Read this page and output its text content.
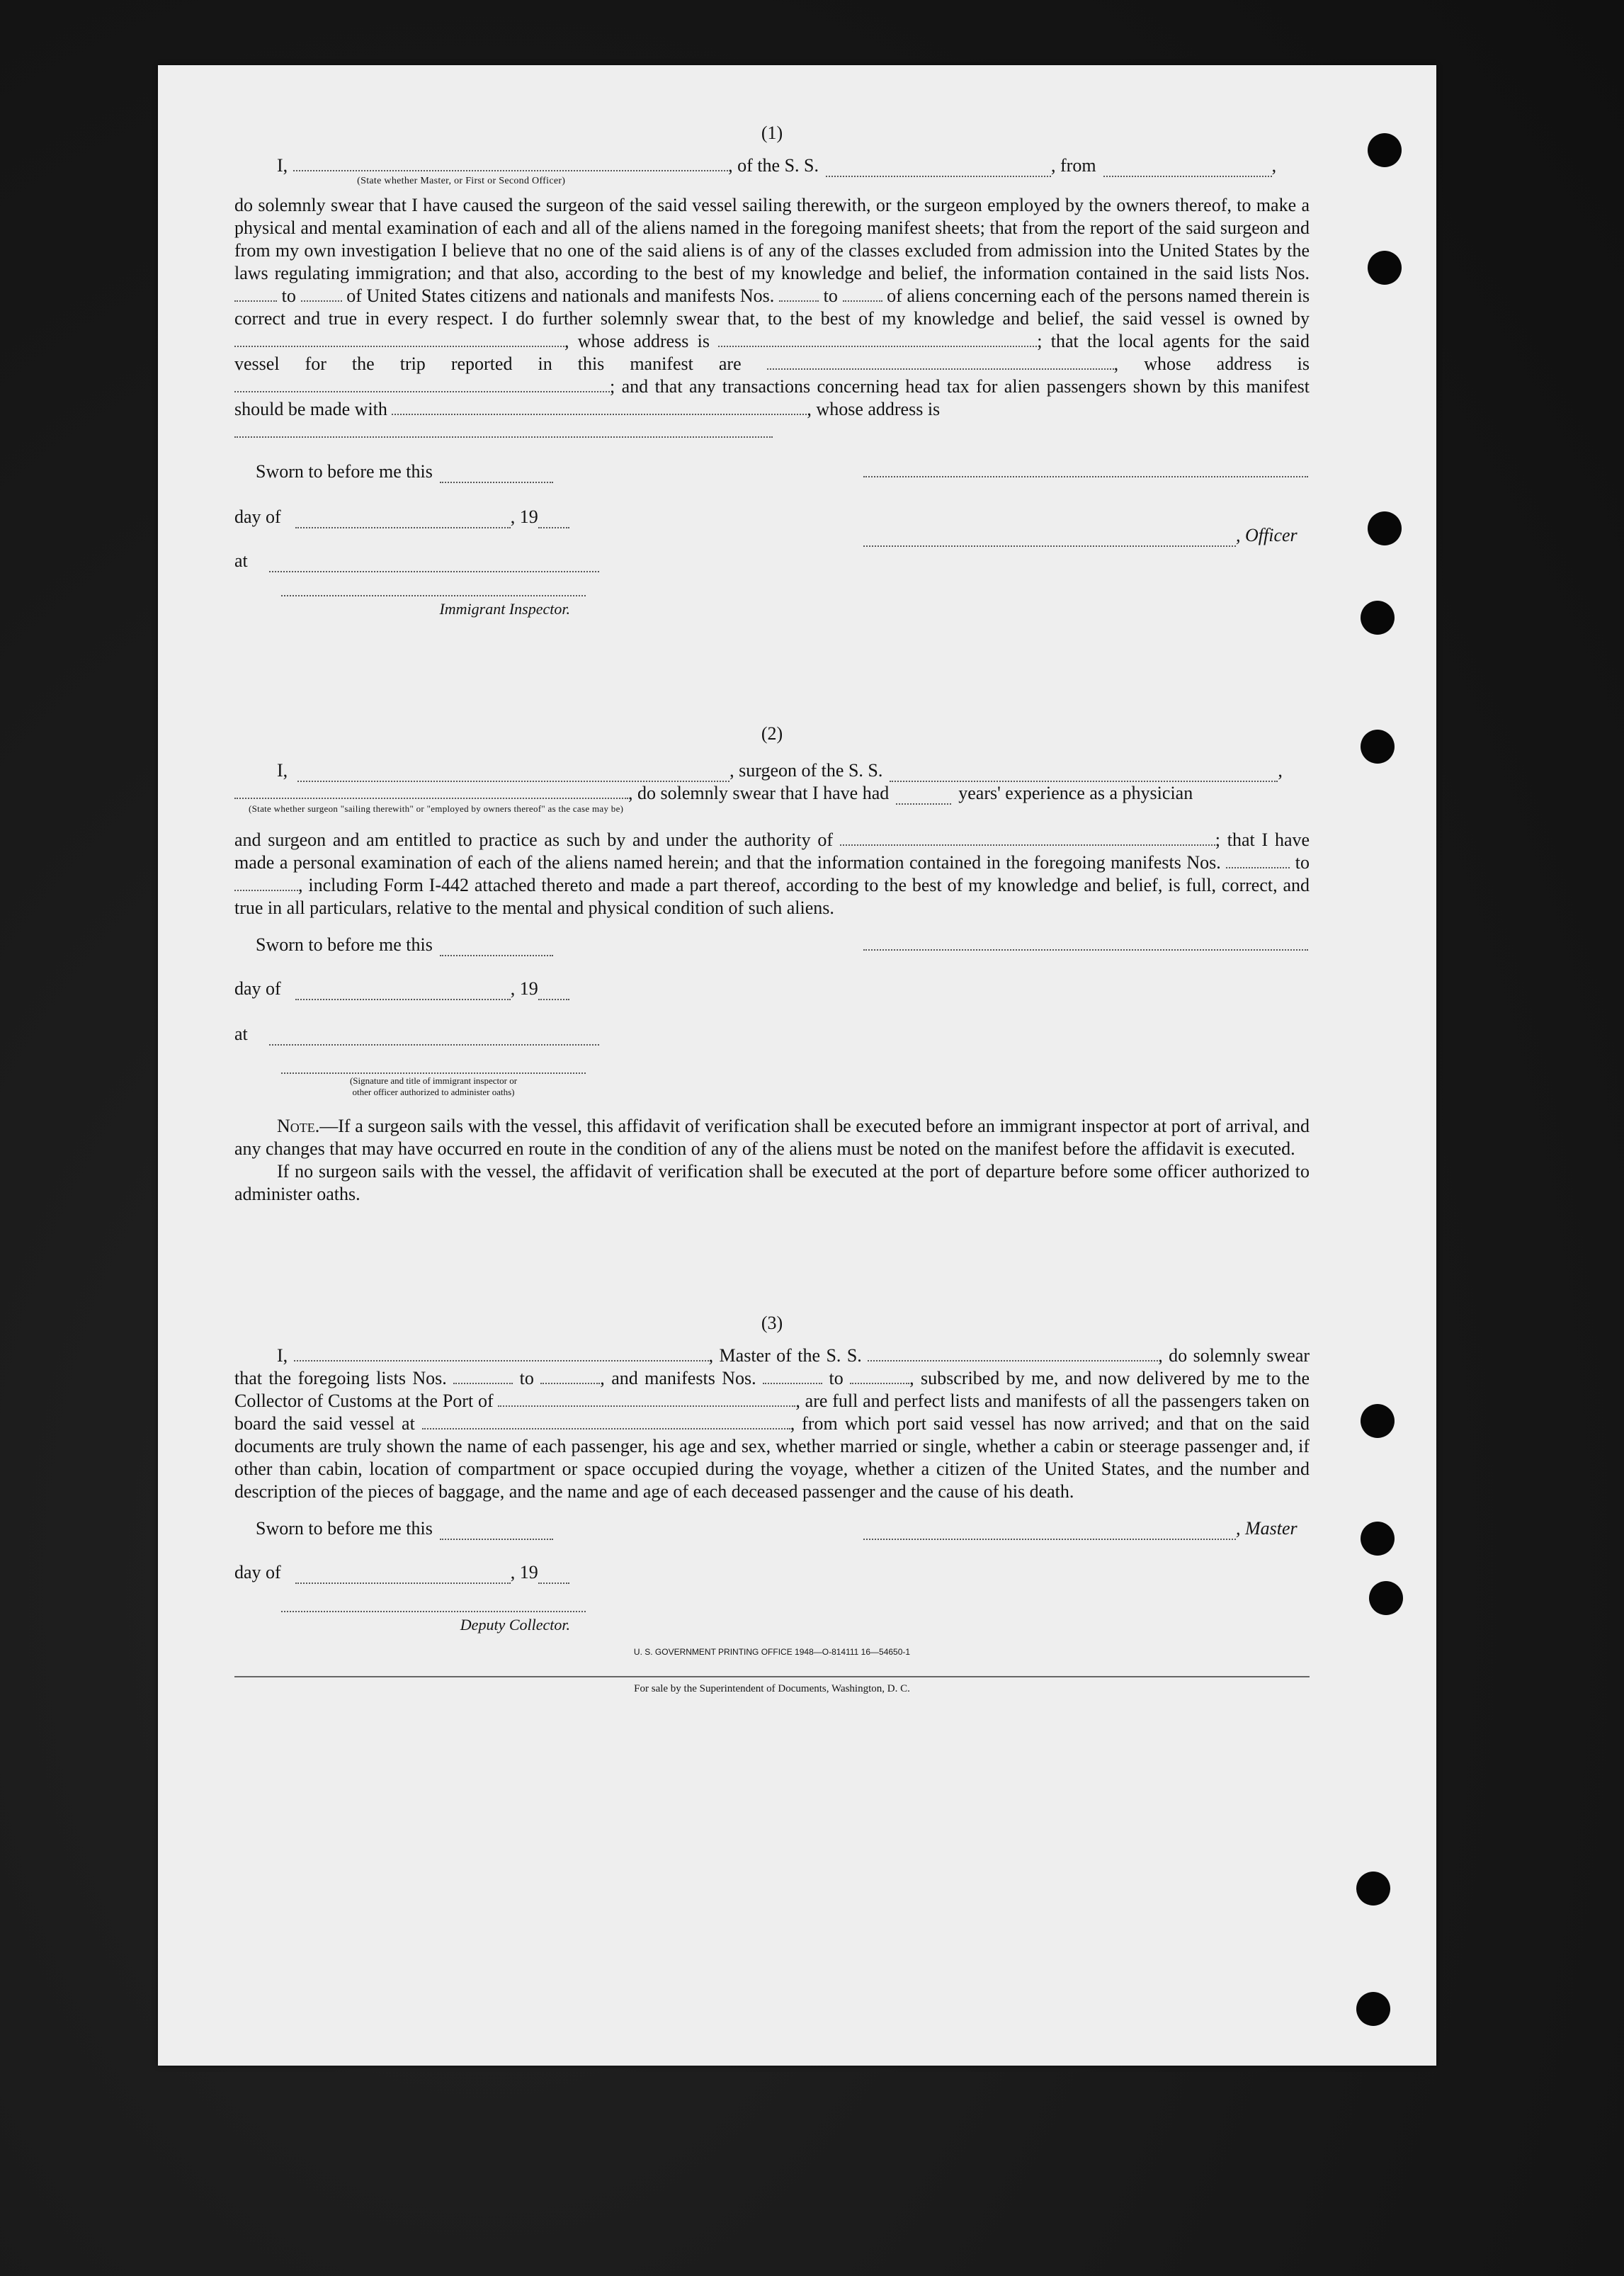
(1)

I,
(State whether Master, or First or Second Officer)
, of the S. S.	, from	,

do solemnly swear that I have caused the surgeon of the said vessel sailing therewith, or the surgeon employed by the owners thereof, to make a physical and mental examination of each and all of the aliens named in the foregoing manifest sheets; that from the report of the said surgeon and from my own investigation I believe that no one of the said aliens is of any of the classes excluded from admission into the United States by the laws regulating immigration; and that also, according to the best of my knowledge and belief, the information contained in the said lists Nos.  to	of United States citizens and nationals and manifests Nos.	to	of aliens concerning each of the persons named therein is correct and true in every respect. I do further solemnly swear that, to the best of my knowledge and belief, the said vessel is owned by , whose address is	; that the local agents for the said vessel for the trip reported in this manifest are	, whose address is ; and that any transactions concerning head tax for alien passengers shown by this manifest should be made with	, whose address is

Sworn to before me this
day of	, 19
at
, Officer
Immigrant Inspector.

(2)

I,	, surgeon of the S. S.	,
(State whether surgeon "sailing therewith" or "employed by owners thereof" as the case may be)
, do solemnly swear that I have had	years' experience as a physician

and surgeon and am entitled to practice as such by and under the authority of	; that I have made a personal examination of each of the aliens named herein; and that the information contained in the foregoing manifests Nos.	to , including Form I-442 attached thereto and made a part thereof, according to the best of my knowledge and belief, is full, correct, and true in all particulars, relative to the mental and physical condition of such aliens.

Sworn to before me this
day of	, 19
at
(Signature and title of immigrant inspector or
other officer authorized to administer oaths)

Note.—If a surgeon sails with the vessel, this affidavit of verification shall be executed before an immigrant inspector at port of arrival, and any changes that may have occurred en route in the condition of any of the aliens must be noted on the manifest before the affidavit is executed.

If no surgeon sails with the vessel, the affidavit of verification shall be executed at the port of departure before some officer authorized to administer oaths.

(3)

I,	, Master of the S. S.	, do solemnly swear that the foregoing lists Nos.	to	, and manifests Nos.	to	, subscribed by me, and now delivered by me to the Collector of Customs at the Port of	, are full and perfect lists and manifests of all the passengers taken on board the said vessel at	, from which port said vessel has now arrived; and that on the said documents are truly shown the name of each passenger, his age and sex, whether married or single, whether a cabin or steerage passenger and, if other than cabin, location of compartment or space occupied during the voyage, whether a citizen of the United States, and the number and description of the pieces of baggage, and the name and age of each deceased passenger and the cause of his death.

Sworn to before me this	, Master
day of	, 19
Deputy Collector.
U. S. GOVERNMENT PRINTING OFFICE 1948—O-814111 16—54650-1
For sale by the Superintendent of Documents, Washington, D. C.
